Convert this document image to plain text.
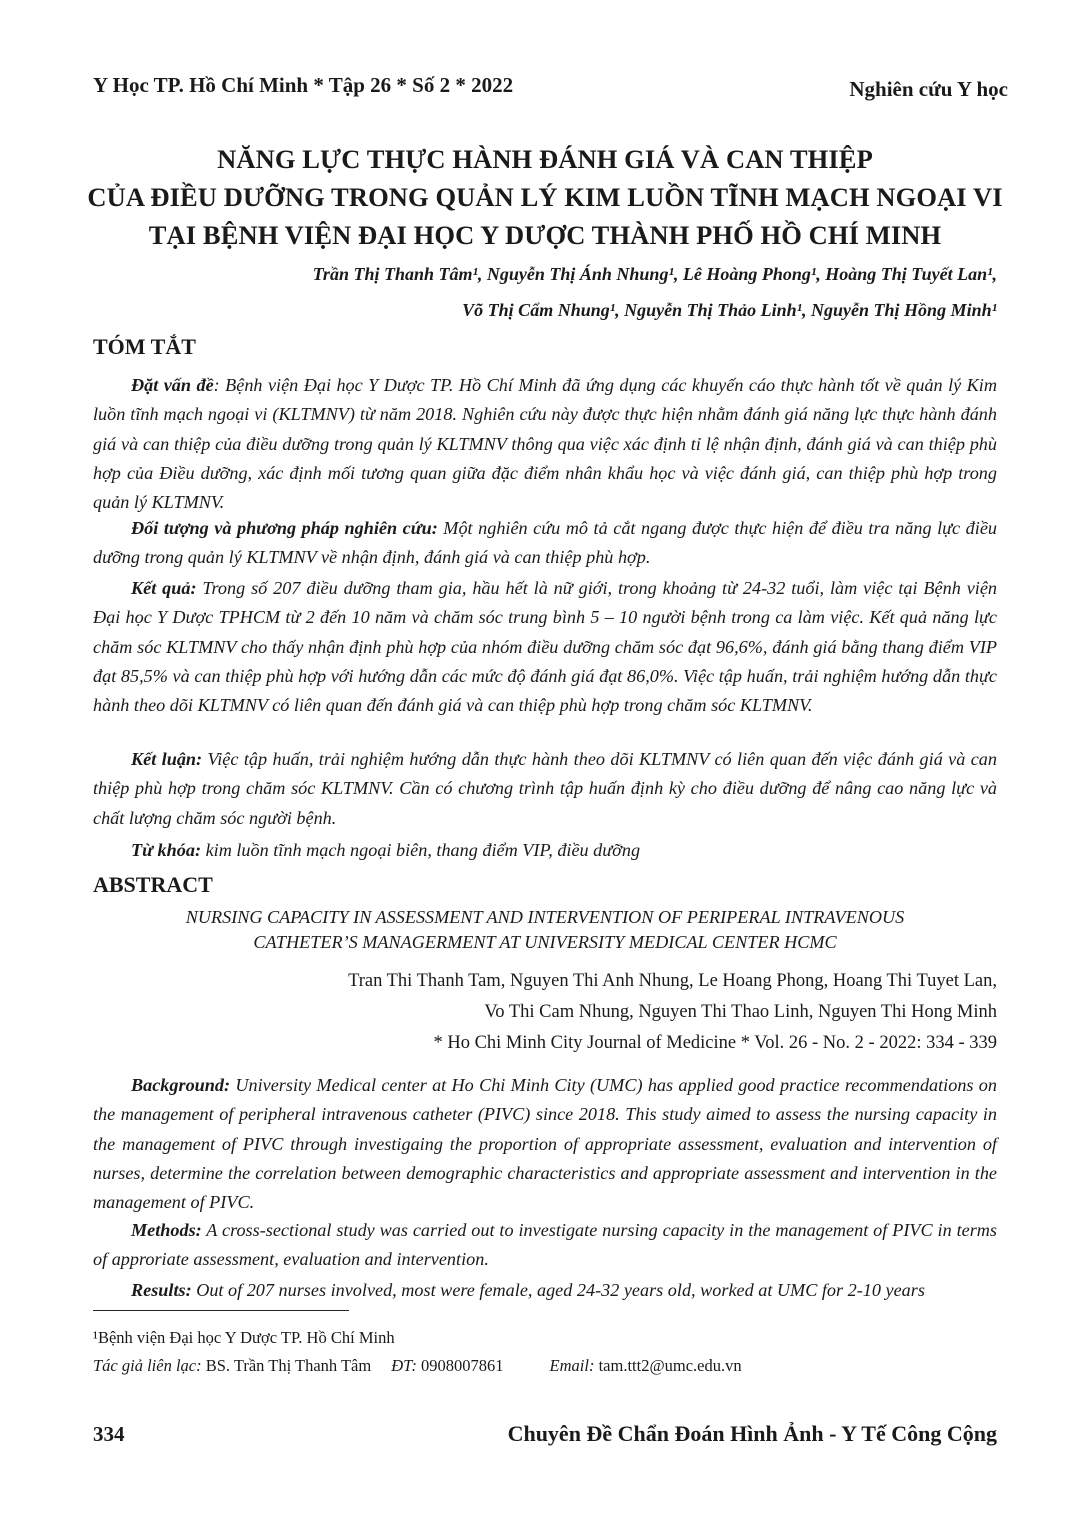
Y Học TP. Hồ Chí Minh * Tập 26 * Số 2 * 2022	Nghiên cứu Y học
NĂNG LỰC THỰC HÀNH ĐÁNH GIÁ VÀ CAN THIỆP
CỦA ĐIỀU DƯỠNG TRONG QUẢN LÝ KIM LUỒN TĨNH MẠCH NGOẠI VI
TẠI BỆNH VIỆN ĐẠI HỌC Y DƯỢC THÀNH PHỐ HỒ CHÍ MINH
Trần Thị Thanh Tâm¹, Nguyễn Thị Ánh Nhung¹, Lê Hoàng Phong¹, Hoàng Thị Tuyết Lan¹,
Võ Thị Cẩm Nhung¹, Nguyễn Thị Thảo Linh¹, Nguyễn Thị Hồng Minh¹
TÓM TẮT

Đặt vấn đề: Bệnh viện Đại học Y Dược TP. Hồ Chí Minh đã ứng dụng các khuyến cáo thực hành tốt về quản lý Kim luồn tĩnh mạch ngoại vi (KLTMNV) từ năm 2018. Nghiên cứu này được thực hiện nhằm đánh giá năng lực thực hành đánh giá và can thiệp của điều dưỡng trong quản lý KLTMNV thông qua việc xác định tỉ lệ nhận định, đánh giá và can thiệp phù hợp của Điều dưỡng, xác định mối tương quan giữa đặc điểm nhân khẩu học và việc đánh giá, can thiệp phù hợp trong quản lý KLTMNV.

Đối tượng và phương pháp nghiên cứu: Một nghiên cứu mô tả cắt ngang được thực hiện để điều tra năng lực điều dưỡng trong quản lý KLTMNV về nhận định, đánh giá và can thiệp phù hợp.

Kết quả: Trong số 207 điều dưỡng tham gia, hầu hết là nữ giới, trong khoảng từ 24-32 tuổi, làm việc tại Bệnh viện Đại học Y Dược TPHCM từ 2 đến 10 năm và chăm sóc trung bình 5 – 10 người bệnh trong ca làm việc. Kết quả năng lực chăm sóc KLTMNV cho thấy nhận định phù hợp của nhóm điều dưỡng chăm sóc đạt 96,6%, đánh giá bằng thang điểm VIP đạt 85,5% và can thiệp phù hợp với hướng dẫn các mức độ đánh giá đạt 86,0%. Việc tập huấn, trải nghiệm hướng dẫn thực hành theo dõi KLTMNV có liên quan đến đánh giá và can thiệp phù hợp trong chăm sóc KLTMNV.

Kết luận: Việc tập huấn, trải nghiệm hướng dẫn thực hành theo dõi KLTMNV có liên quan đến việc đánh giá và can thiệp phù hợp trong chăm sóc KLTMNV. Cần có chương trình tập huấn định kỳ cho điều dưỡng để nâng cao năng lực và chất lượng chăm sóc người bệnh.

Từ khóa: kim luồn tĩnh mạch ngoại biên, thang điểm VIP, điều dưỡng

ABSTRACT
NURSING CAPACITY IN ASSESSMENT AND INTERVENTION OF PERIPERAL INTRAVENOUS
CATHETER’S MANAGERMENT AT UNIVERSITY MEDICAL CENTER HCMC
Tran Thi Thanh Tam, Nguyen Thi Anh Nhung, Le Hoang Phong, Hoang Thi Tuyet Lan,
Vo Thi Cam Nhung, Nguyen Thi Thao Linh, Nguyen Thi Hong Minh
* Ho Chi Minh City Journal of Medicine * Vol. 26 - No. 2 - 2022: 334 - 339

Background: University Medical center at Ho Chi Minh City (UMC) has applied good practice recommendations on the management of peripheral intravenous catheter (PIVC) since 2018. This study aimed to assess the nursing capacity in the management of PIVC through investigaing the proportion of appropriate assessment, evaluation and intervention of nurses, determine the correlation between demographic characteristics and appropriate assessment and intervention in the management of PIVC.

Methods: A cross-sectional study was carried out to investigate nursing capacity in the management of PIVC in terms of approriate assessment, evaluation and intervention.

Results: Out of 207 nurses involved, most were female, aged 24-32 years old, worked at UMC for 2-10 years

¹Bệnh viện Đại học Y Dược TP. Hồ Chí Minh
Tác giả liên lạc: BS. Trần Thị Thanh Tâm ĐT: 0908007861	Email: tam.ttt2@umc.edu.vn
334	Chuyên Đề Chẩn Đoán Hình Ảnh - Y Tế Công Cộng
